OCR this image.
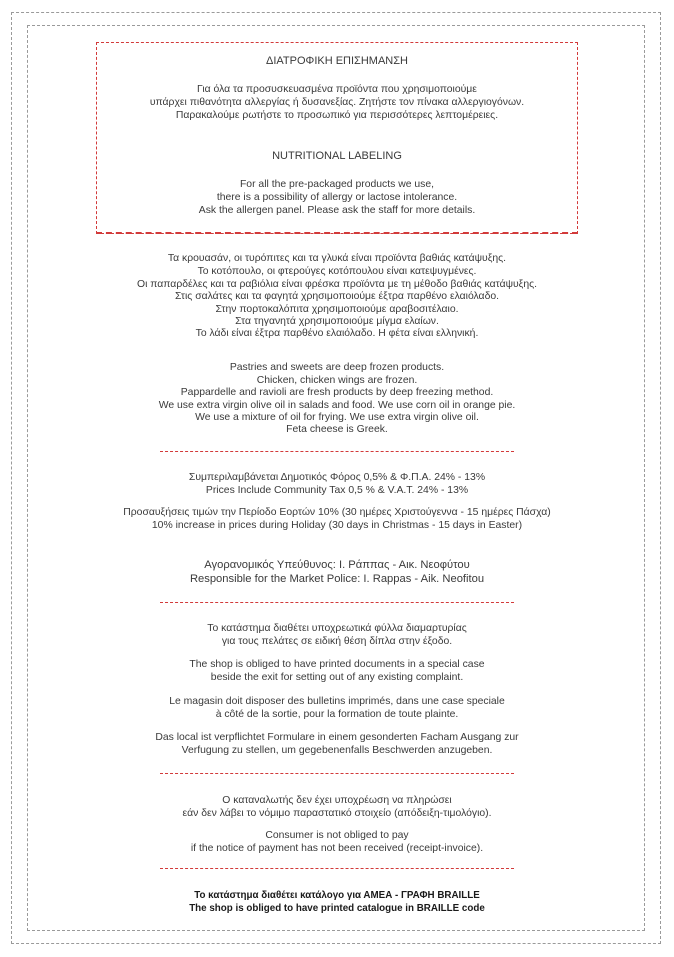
ΔΙΑΤΡΟΦΙΚΗ ΕΠΙΣΗΜΑΝΣΗ
Για όλα τα προσυσκευασμένα προϊόντα που χρησιμοποιούμε
υπάρχει πιθανότητα αλλεργίας ή δυσανεξίας. Ζητήστε τον πίνακα αλλεργιογόνων.
Παρακαλούμε ρωτήστε το προσωπικό για περισσότερες λεπτομέρειες.
NUTRITIONAL LABELING
For all the pre-packaged products we use,
there is a possibility of allergy or lactose intolerance.
Ask the allergen panel. Please ask the staff for more details.
Τα κρουασάν, οι τυρόπιτες και τα γλυκά είναι προϊόντα βαθιάς κατάψυξης.
Το κοτόπουλο, οι φτερούγες κοτόπουλου είναι κατεψυγμένες.
Οι παπαρδέλες και τα ραβιόλια είναι φρέσκα προϊόντα με τη μέθοδο βαθιάς κατάψυξης.
Στις σαλάτες και τα φαγητά χρησιμοποιούμε έξτρα παρθένο ελαιόλαδο.
Στην πορτοκαλόπιτα χρησιμοποιούμε αραβοσιτέλαιο.
Στα τηγανητά χρησιμοποιούμε μίγμα ελαίων.
Το λάδι είναι έξτρα παρθένο ελαιόλαδο. Η φέτα είναι ελληνική.
Pastries and sweets are deep frozen products.
Chicken, chicken wings are frozen.
Pappardelle and ravioli are fresh products by deep freezing method.
We use extra virgin olive oil in salads and food. We use corn oil in orange pie.
We use a mixture of oil for frying. We use extra virgin olive oil.
Feta cheese is Greek.
Συμπεριλαμβάνεται Δημοτικός Φόρος 0,5% & Φ.Π.Α. 24% - 13%
Prices Include Community Tax 0,5 % & V.A.T. 24% - 13%
Προσαυξήσεις τιμών την Περίοδο Εορτών 10% (30 ημέρες Χριστούγεννα - 15 ημέρες Πάσχα)
10% increase in prices during Holiday (30 days in Christmas - 15 days in Easter)
Αγορανομικός Υπεύθυνος: Ι. Ράππας - Αικ. Νεοφύτου
Responsible for the Market Police: I. Rappas - Aik. Neofitou
Το κατάστημα διαθέτει υποχρεωτικά φύλλα διαμαρτυρίας
για τους πελάτες σε ειδική θέση δίπλα στην έξοδο.
The shop is obliged to have printed documents in a special case
beside the exit for setting out of any existing complaint.
Le magasin doit disposer des bulletins imprimés, dans une case speciale
à côté de la sortie, pour la formation de toute plainte.
Das local ist verpflichtet Formulare in einem gesonderten Facham Ausgang zur
Verfugung zu stellen, um gegebenenfalls Beschwerden anzugeben.
Ο καταναλωτής δεν έχει υποχρέωση να πληρώσει
εάν δεν λάβει το νόμιμο παραστατικό στοιχείο (απόδειξη-τιμολόγιο).
Consumer is not obliged to pay
if the notice of payment has not been received (receipt-invoice).
Το κατάστημα διαθέτει κατάλογο για ΑΜΕΑ - ΓΡΑΦΗ BRAILLE
The shop is obliged to have printed catalogue in BRAILLE code
